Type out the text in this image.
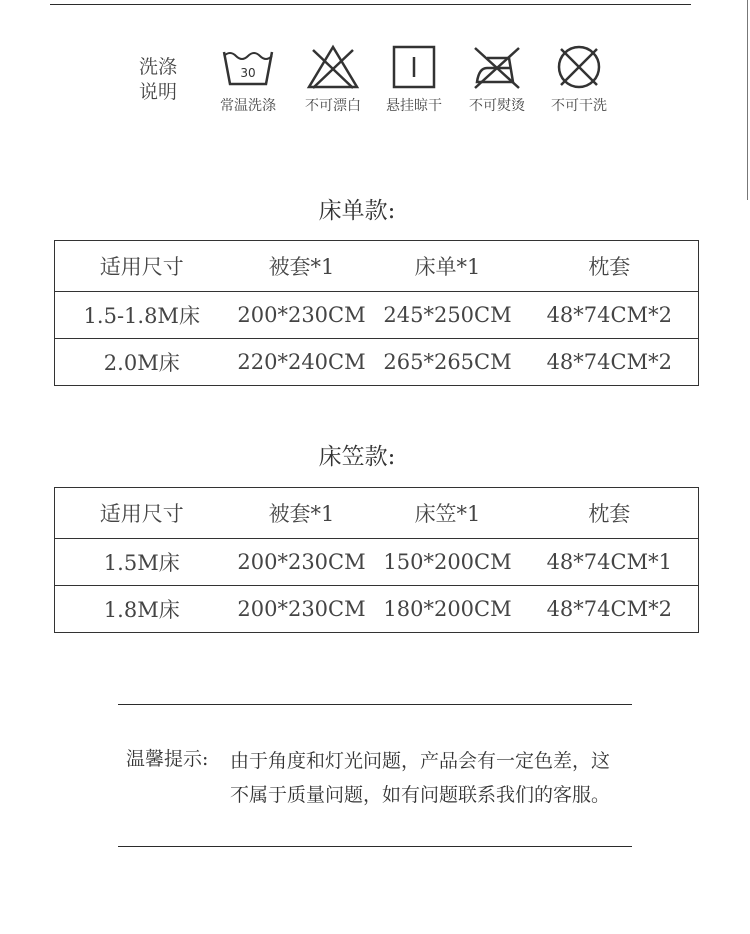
洗涤
说明
30
常温洗涤	不可漂白	悬挂晾干	不可熨烫	不可干洗
床单款:
适用尺寸	被套*1	床单*1	枕套
1.5-1.8M床	200*230CM	245*250CM	48*74CM*2
2.0M床	220*240CM	265*265CM	48*74CM*2
床笠款:
适用尺寸	被套*1	床笠*1	枕套
1.5M床	200*230CM	150*200CM	48*74CM*1
1.8M床	200*230CM	180*200CM	48*74CM*2
温馨提示: 由于角度和灯光问题，产品会有一定色差，这
不属于质量问题，如有问题联系我们的客服。
